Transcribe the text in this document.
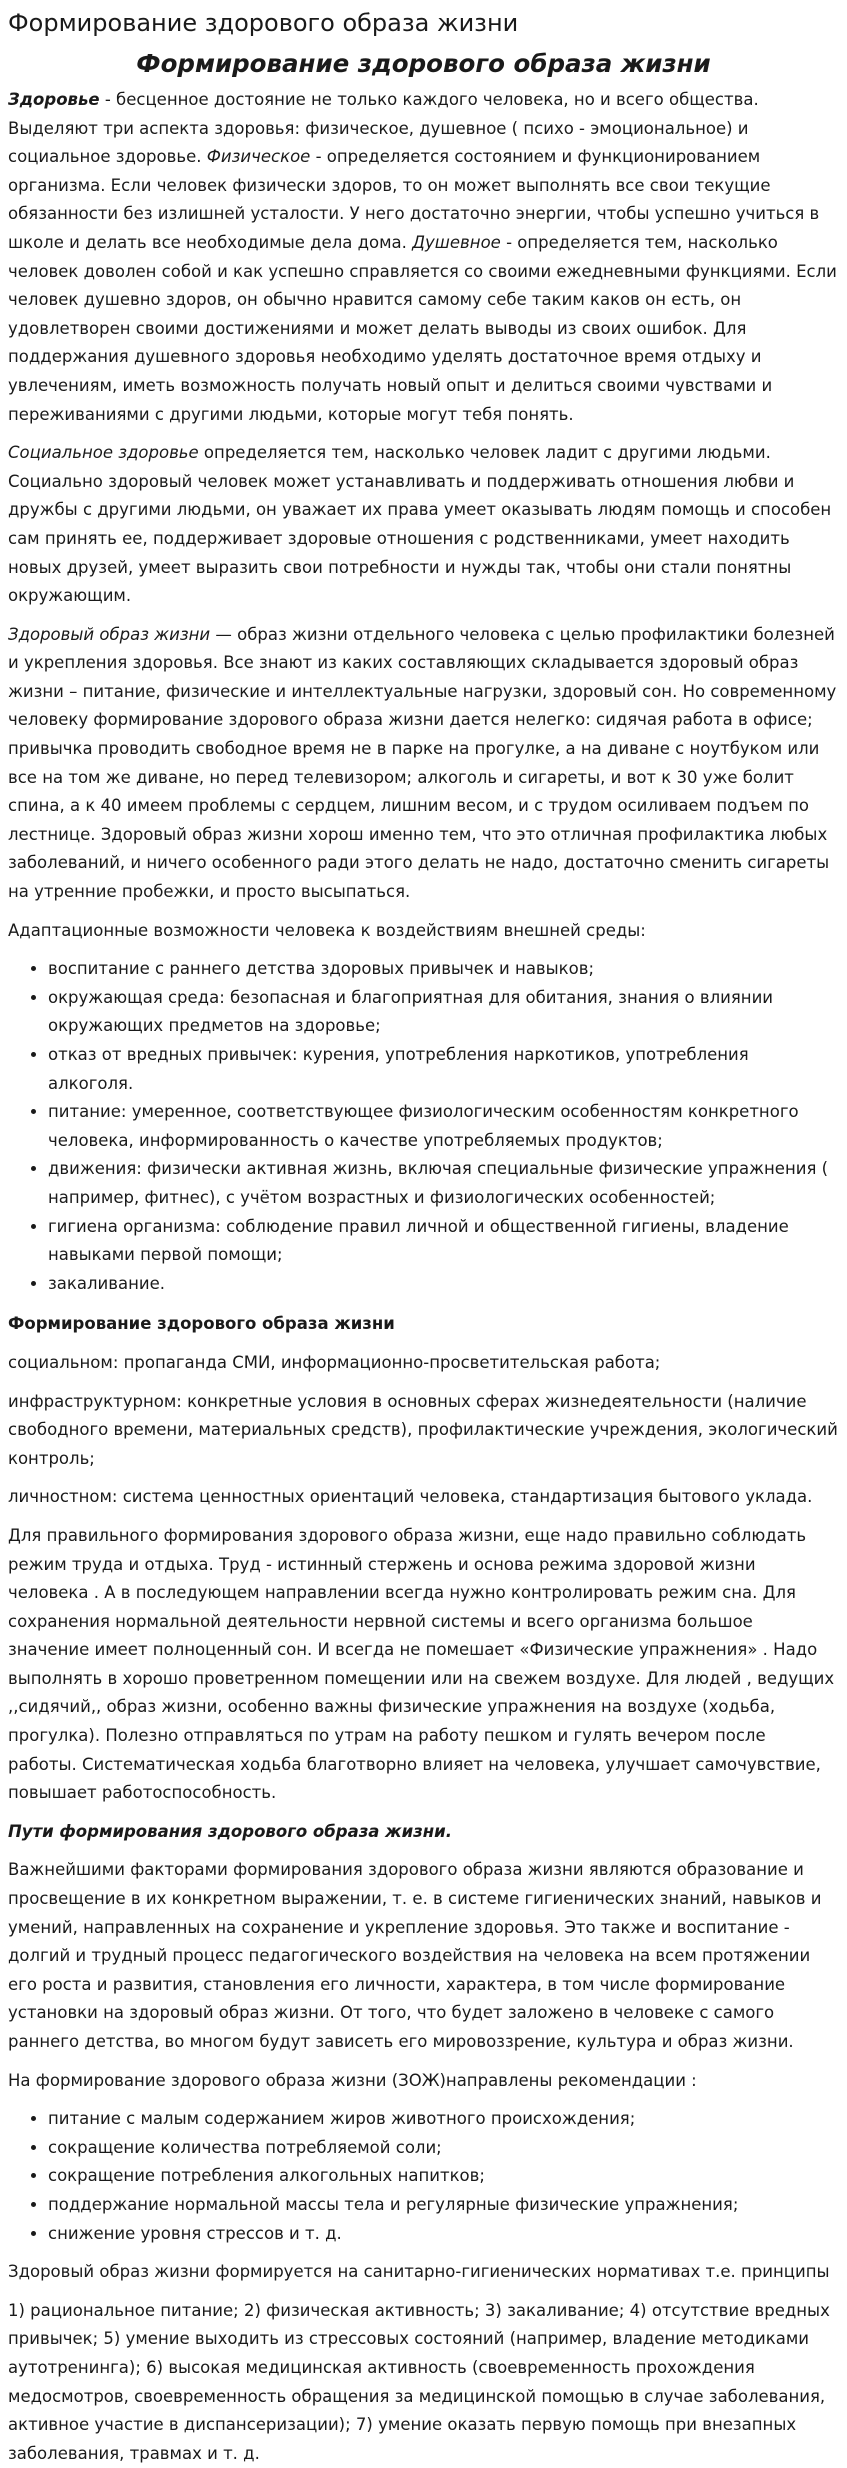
Формирование здорового образа жизни
Формирование здорового образа жизни

Здоровье - бесценное достояние не только каждого человека, но и всего общества. Выделяют три аспекта здоровья: физическое, душевное ( психо - эмоциональное) и социальное здоровье. Физическое - определяется состоянием и функционированием организма. Если человек физически здоров, то он может выполнять все свои текущие обязанности без излишней усталости. У него достаточно энергии, чтобы успешно учиться в школе и делать все необходимые дела дома. Душевное - определяется тем, насколько человек доволен собой и как успешно справляется со своими ежедневными функциями. Если человек душевно здоров, он обычно нравится самому себе таким каков он есть, он удовлетворен своими достижениями и может делать выводы из своих ошибок. Для поддержания душевного здоровья необходимо уделять достаточное время отдыху и увлечениям, иметь возможность получать новый опыт и делиться своими чувствами и переживаниями с другими людьми, которые могут тебя понять.

Социальное здоровье определяется тем, насколько человек ладит с другими людьми. Социально здоровый человек может устанавливать и поддерживать отношения любви и дружбы с другими людьми, он уважает их права умеет оказывать людям помощь и способен сам принять ее, поддерживает здоровые отношения с родственниками, умеет находить новых друзей, умеет выразить свои потребности и нужды так, чтобы они стали понятны окружающим.

Здоровый образ жизни — образ жизни отдельного человека с целью профилактики болезней и укрепления здоровья. Все знают из каких составляющих складывается здоровый образ жизни – питание, физические и интеллектуальные нагрузки, здоровый сон. Но современному человеку формирование здорового образа жизни дается нелегко: сидячая работа в офисе; привычка проводить свободное время не в парке на прогулке, а на диване с ноутбуком или все на том же диване, но перед телевизором; алкоголь и сигареты, и вот к 30 уже болит спина, а к 40 имеем проблемы с сердцем, лишним весом, и с трудом осиливаем подъем по лестнице. Здоровый образ жизни хорош именно тем, что это отличная профилактика любых заболеваний, и ничего особенного ради этого делать не надо, достаточно сменить сигареты на утренние пробежки, и просто высыпаться.

Адаптационные возможности человека к воздействиям внешней среды:

• воспитание с раннего детства здоровых привычек и навыков;
• окружающая среда: безопасная и благоприятная для обитания, знания о влиянии окружающих предметов на здоровье;
• отказ от вредных привычек: курения, употребления наркотиков, употребления алкоголя.
• питание: умеренное, соответствующее физиологическим особенностям конкретного человека, информированность о качестве употребляемых продуктов;
• движения: физически активная жизнь, включая специальные физические упражнения ( например, фитнес), с учётом возрастных и физиологических особенностей;
• гигиена организма: соблюдение правил личной и общественной гигиены, владение навыками первой помощи;
• закаливание.

Формирование здорового образа жизни

социальном: пропаганда СМИ, информационно-просветительская работа;

инфраструктурном: конкретные условия в основных сферах жизнедеятельности (наличие свободного времени, материальных средств), профилактические учреждения, экологический контроль;

личностном: система ценностных ориентаций человека, стандартизация бытового уклада.

Для правильного формирования здорового образа жизни, еще надо правильно соблюдать режим труда и отдыха. Труд - истинный стержень и основа режима здоровой жизни человека . А в последующем направлении всегда нужно контролировать режим сна. Для сохранения нормальной деятельности нервной системы и всего организма большое значение имеет полноценный сон. И всегда не помешает «Физические упражнения» . Надо выполнять в хорошо проветренном помещении или на свежем воздухе. Для людей , ведущих ,,сидячий,, образ жизни, особенно важны физические упражнения на воздухе (ходьба, прогулка). Полезно отправляться по утрам на работу пешком и гулять вечером после работы. Систематическая ходьба благотворно влияет на человека, улучшает самочувствие, повышает работоспособность.

Пути формирования здорового образа жизни.

Важнейшими факторами формирования здорового образа жизни являются образование и просвещение в их конкретном выражении, т. е. в системе гигиенических знаний, навыков и умений, направленных на сохранение и укрепление здоровья. Это также и воспитание - долгий и трудный процесс педагогического воздействия на человека на всем протяжении его роста и развития, становления его личности, характера, в том числе формирование установки на здоровый образ жизни. От того, что будет заложено в человеке с самого раннего детства, во многом будут зависеть его мировоззрение, культура и образ жизни.

На формирование здорового образа жизни (ЗОЖ)направлены рекомендации :

• питание с малым содержанием жиров животного происхождения;
• сокращение количества потребляемой соли;
• сокращение потребления алкогольных напитков;
• поддержание нормальной массы тела и регулярные физические упражнения;
• снижение уровня стрессов и т. д.

Здоровый образ жизни формируется на санитарно-гигиенических нормативах т.е. принципы

1) рациональное питание; 2) физическая активность; 3) закаливание; 4) отсутствие вредных привычек; 5) умение выходить из стрессовых состояний (например, владение методиками аутотренинга); 6) высокая медицинская активность (своевременность прохождения медосмотров, своевременность обращения за медицинской помощью в случае заболевания, активное участие в диспансеризации); 7) умение оказать первую помощь при внезапных заболевания, травмах и т. д.
